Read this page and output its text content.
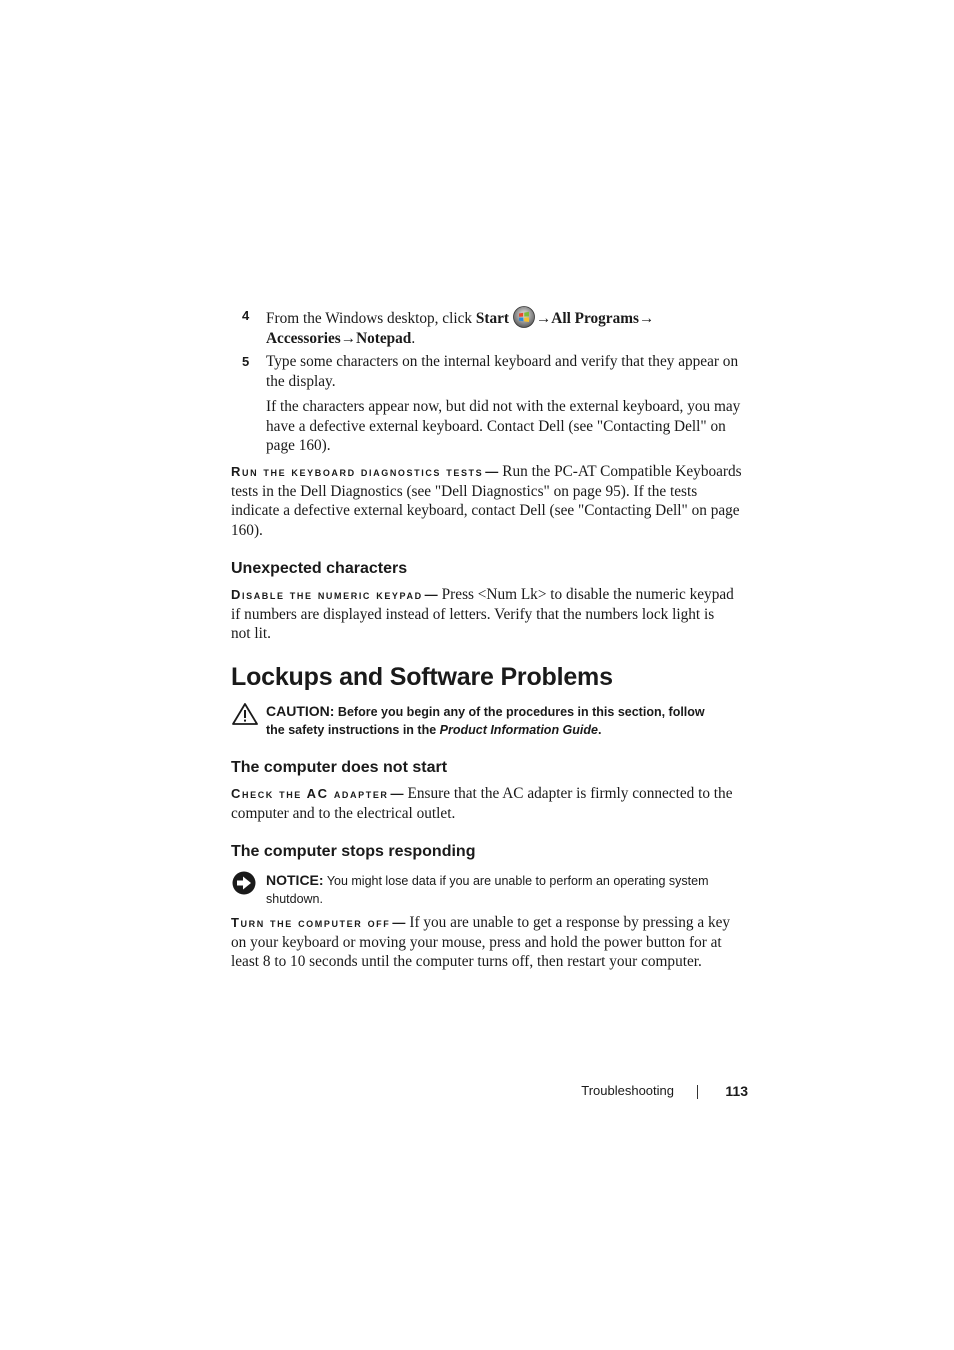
4 From the Windows desktop, click Start →All Programs→
Accessories→Notepad.
5 Type some characters on the internal keyboard and verify that they appear on the display.
If the characters appear now, but did not with the external keyboard, you may have a defective external keyboard. Contact Dell (see "Contacting Dell" on page 160).
Run the keyboard diagnostics tests — Run the PC-AT Compatible Keyboards tests in the Dell Diagnostics (see "Dell Diagnostics" on page 95). If the tests indicate a defective external keyboard, contact Dell (see "Contacting Dell" on page 160).
Unexpected characters
Disable the numeric keypad — Press <Num Lk> to disable the numeric keypad if numbers are displayed instead of letters. Verify that the numbers lock light is not lit.
Lockups and Software Problems
CAUTION: Before you begin any of the procedures in this section, follow the safety instructions in the Product Information Guide.
The computer does not start
Check the AC adapter — Ensure that the AC adapter is firmly connected to the computer and to the electrical outlet.
The computer stops responding
NOTICE: You might lose data if you are unable to perform an operating system shutdown.
Turn the computer off — If you are unable to get a response by pressing a key on your keyboard or moving your mouse, press and hold the power button for at least 8 to 10 seconds until the computer turns off, then restart your computer.
Troubleshooting	113
